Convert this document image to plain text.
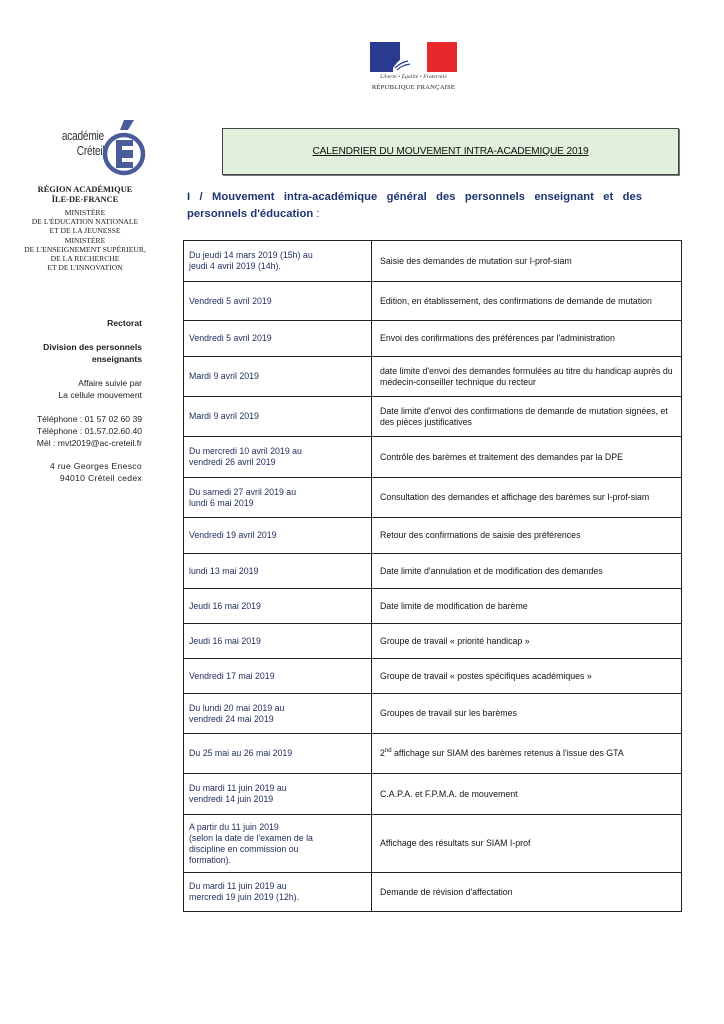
Liberté • Égalité • Fraternité
RÉPUBLIQUE FRANÇAISE
académie
Créteil
RÉGION ACADÉMIQUE
ÎLE-DE-FRANCE
MINISTÈRE
DE L'ÉDUCATION NATIONALE
ET DE LA JEUNESSE
MINISTÈRE
DE L'ENSEIGNEMENT SUPÉRIEUR,
DE LA RECHERCHE
ET DE L'INNOVATION
Rectorat
Division des personnels
enseignants
Affaire suivie par
La cellule mouvement
Téléphone : 01 57 02 60 39
Téléphone : 01.57.02.60.40
Mél : mvt2019@ac-creteil.fr
4 rue Georges Enesco
94010 Créteil cedex
CALENDRIER DU MOUVEMENT INTRA-ACADEMIQUE 2019
I / Mouvement intra-académique général des personnels enseignant et des
personnels d'éducation :
Du jeudi 14 mars 2019 (15h) au
jeudi 4 avril 2019 (14h).	Saisie des demandes de mutation sur I-prof-siam

Vendredi 5 avril 2019	Edition, en établissement, des confirmations de demande de mutation

Vendredi 5 avril 2019	Envoi des confirmations des préférences par l'administration

Mardi 9 avril 2019	date limite d'envoi des demandes formulées au titre du handicap auprès du médecin-conseiller technique du recteur

Mardi 9 avril 2019	Date limite d'envoi des confirmations de demande de mutation signées, et des pièces justificatives

Du mercredi 10 avril 2019 au
vendredi 26 avril 2019	Contrôle des barèmes et traitement des demandes par la DPE

Du samedi 27 avril 2019 au
lundi 6 mai 2019	Consultation des demandes et affichage des barèmes sur I-prof-siam

Vendredi 19 avril 2019	Retour des confirmations de saisie des préférences

lundi 13 mai 2019	Date limite d'annulation et de modification des demandes

Jeudi 16 mai 2019	Date limite de modification de barème

Jeudi 16 mai 2019	Groupe de travail « priorité handicap »

Vendredi 17 mai 2019	Groupe de travail « postes spécifiques académiques »

Du lundi 20 mai 2019 au
vendredi 24 mai 2019	Groupes de travail sur les barèmes

Du 25 mai au 26 mai 2019	2nd affichage sur SIAM des barèmes retenus à l'issue des GTA

Du mardi 11 juin 2019 au
vendredi 14 juin 2019	C.A.P.A. et F.P.M.A. de mouvement

A partir du 11 juin 2019
(selon la date de l'examen de la
discipline en commission ou
formation).	Affichage des résultats sur SIAM I-prof

Du mardi 11 juin 2019 au
mercredi 19 juin 2019 (12h).	Demande de révision d'affectation
